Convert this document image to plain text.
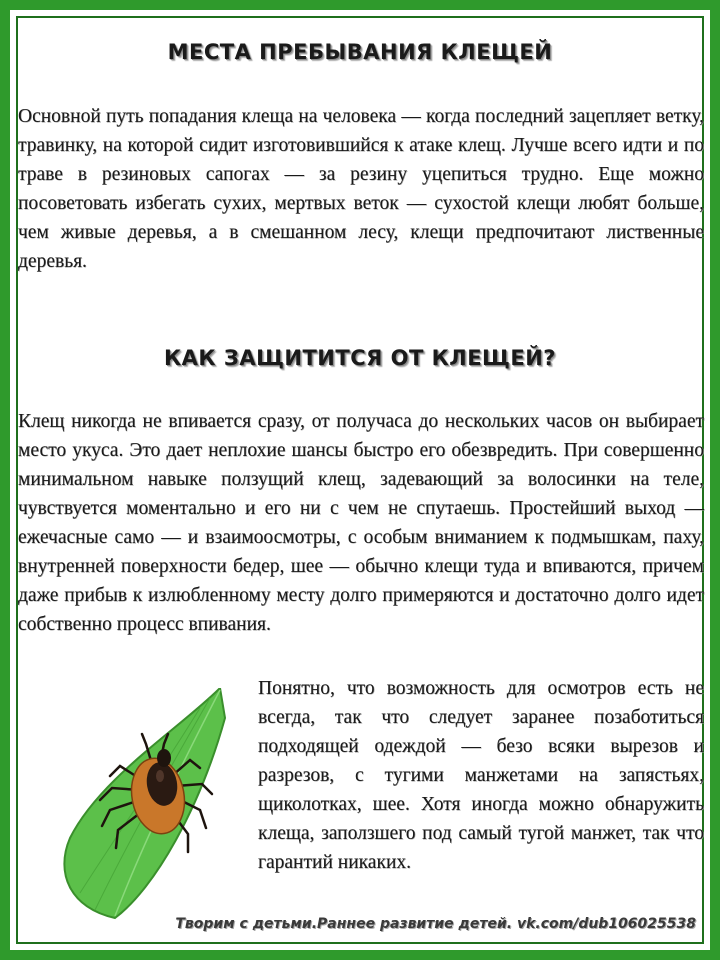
МЕСТА ПРЕБЫВАНИЯ КЛЕЩЕЙ
Основной путь попадания клеща на человека — когда последний зацепляет ветку, травинку, на которой сидит изготовившийся к атаке клещ. Лучше всего идти и по траве в резиновых сапогах — за резину уцепиться трудно. Еще можно посоветовать избегать сухих, мертвых веток — сухостой клещи любят больше, чем живые деревья, а в смешанном лесу, клещи предпочитают лиственные деревья.
КАК ЗАЩИТИТСЯ ОТ КЛЕЩЕЙ?
Клещ никогда не впивается сразу, от получаса до нескольких часов он выбирает место укуса. Это дает неплохие шансы быстро его обезвредить. При совершенно минимальном навыке ползущий клещ, задевающий за волосинки на теле, чувствуется моментально и его ни с чем не спутаешь. Простейший выход — ежечасные само — и взаимоосмотры, с особым вниманием к подмышкам, паху, внутренней поверхности бедер, шее — обычно клещи туда и впиваются, причем даже прибыв к излюбленному месту долго примеряются и достаточно долго идет собственно процесс впивания.
Понятно, что возможность для осмотров есть не всегда, так что следует заранее позаботиться подходящей одеждой — безо всяки вырезов и разрезов, с тугими манжетами на запястьях, щиколотках, шее. Хотя иногда можно обнаружить клеща, заползшего под самый тугой манжет, так что гарантий никаких.
Творим с детьми.Раннее развитие детей. vk.com/dub106025538
